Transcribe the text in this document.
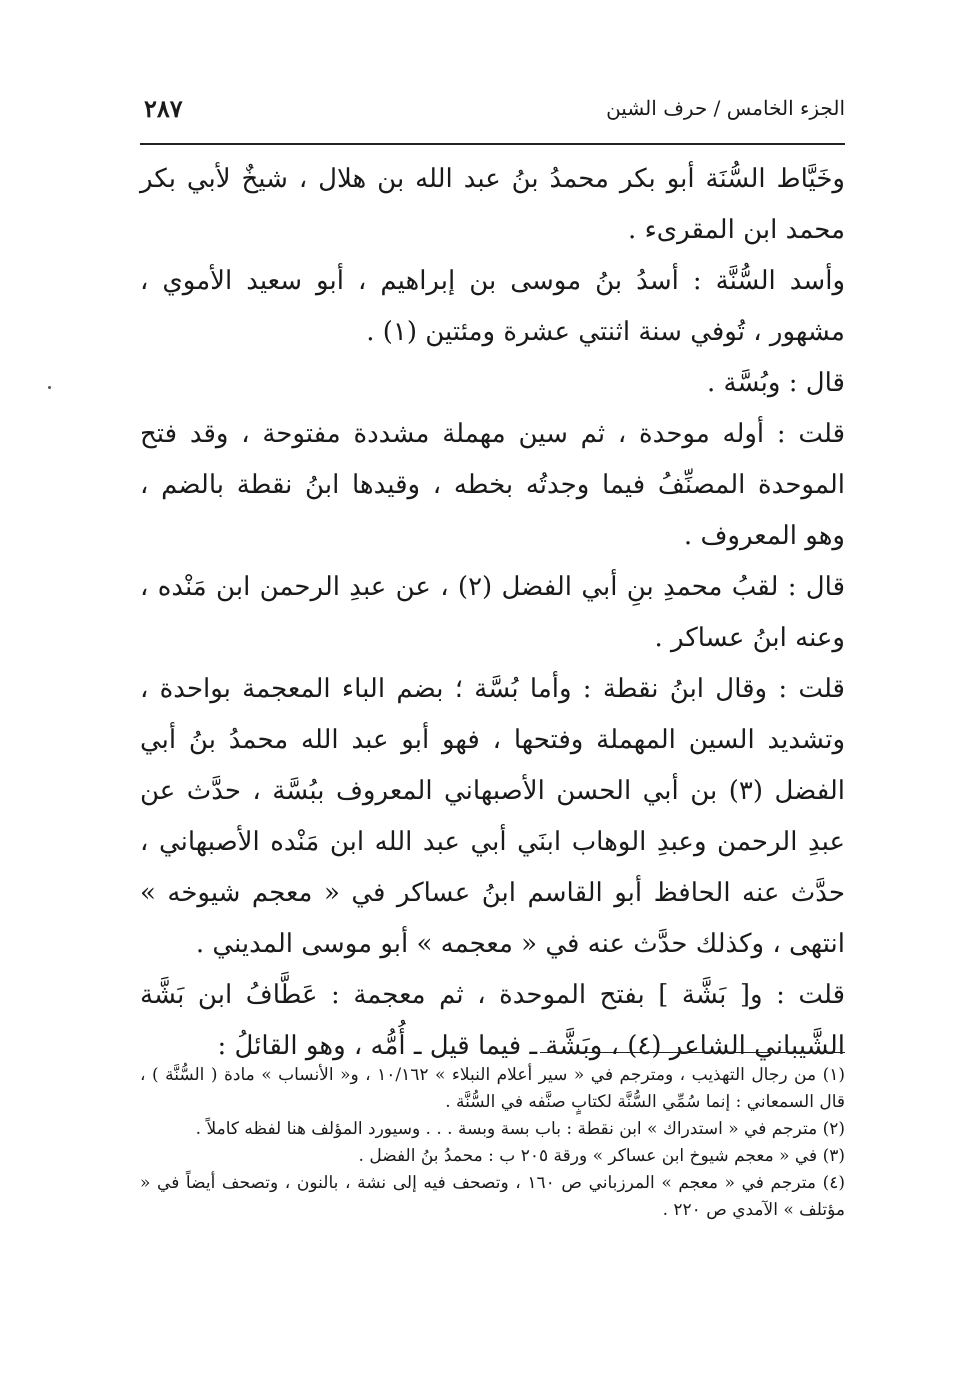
الجزء الخامس / حرف الشين
٢٨٧

وخَيَّاط السُّنَة أبو بكر محمدُ بنُ عبد الله بن هلال ، شيخٌ لأبي بكر محمد ابن المقرىء .

وأسد السُّنَّة : أسدُ بنُ موسى بن إبراهيم ، أبو سعيد الأموي ، مشهور ، تُوفي سنة اثنتي عشرة ومئتين (١) .

قال : وبُسَّة .

قلت : أوله موحدة ، ثم سين مهملة مشددة مفتوحة ، وقد فتح الموحدة المصنِّفُ فيما وجدتُه بخطه ، وقيدها ابنُ نقطة بالضم ، وهو المعروف .

قال : لقبُ محمدِ بنِ أبي الفضل (٢) ، عن عبدِ الرحمن ابن مَنْده ، وعنه ابنُ عساكر .

قلت : وقال ابنُ نقطة : وأما بُسَّة ؛ بضم الباء المعجمة بواحدة ، وتشديد السين المهملة وفتحها ، فهو أبو عبد الله محمدُ بنُ أبي الفضل (٣) بن أبي الحسن الأصبهاني المعروف ببُسَّة ، حدَّث عن عبدِ الرحمن وعبدِ الوهاب ابنَي أبي عبد الله ابن مَنْده الأصبهاني ، حدَّث عنه الحافظ أبو القاسم ابنُ عساكر في « معجم شيوخه » انتهى ، وكذلك حدَّث عنه في « معجمه » أبو موسى المديني .

قلت : و[ بَشَّة ] بفتح الموحدة ، ثم معجمة : عَطَّافُ ابن بَشَّة الشَّيباني الشاعر (٤) ، وبَشَّة ـ فيما قيل ـ أُمُّه ، وهو القائلُ :

(١) من رجال التهذيب ، ومترجم في « سير أعلام النبلاء » ١٠/١٦٢ ، و« الأنساب » مادة ( السُّنَّة ) ، قال السمعاني : إنما سُمِّي السُّنَّة لكتابٍ صنَّفه في السُّنَّة .

(٢) مترجم في « استدراك » ابن نقطة : باب بسة وبسة . . . وسيورد المؤلف هنا لفظه كاملاً .

(٣) في « معجم شيوخ ابن عساكر » ورقة ٢٠٥ ب : محمدُ بنُ الفضل .

(٤) مترجم في « معجم » المرزباني ص ١٦٠ ، وتصحف فيه إلى نشة ، بالنون ، وتصحف أيضاً في « مؤتلف » الآمدي ص ٢٢٠ .
